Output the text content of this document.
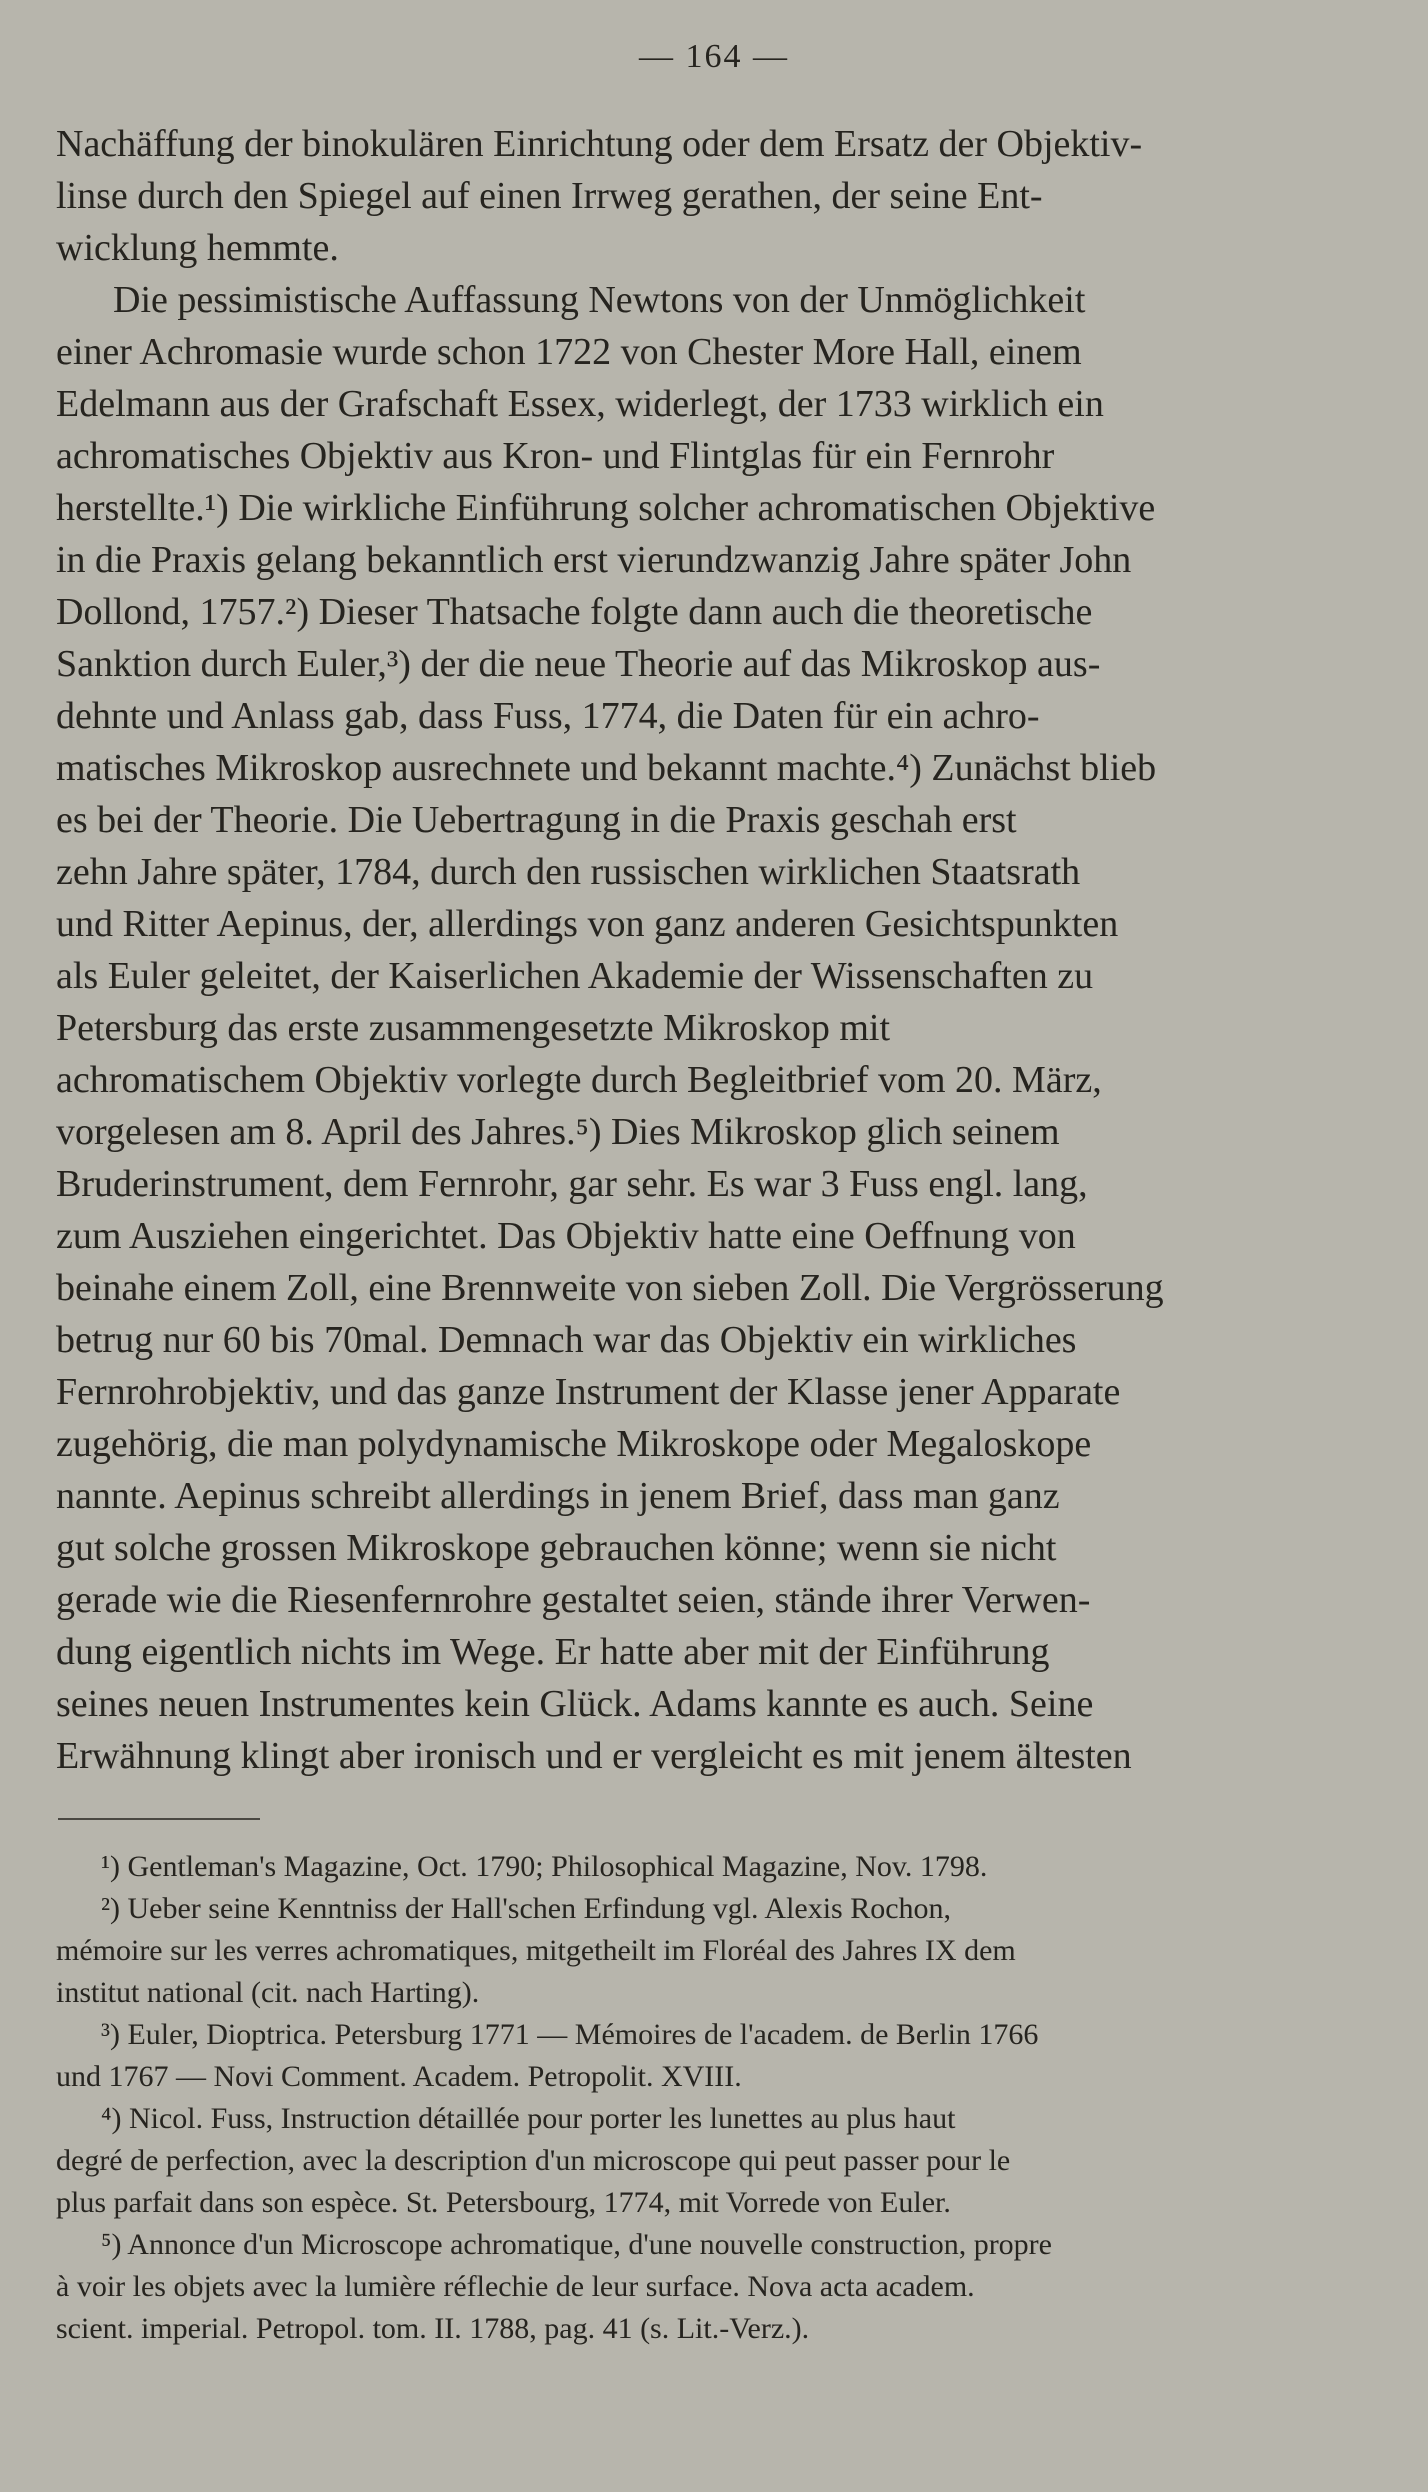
— 164 —
Nachäffung der binokulären Einrichtung oder dem Ersatz der Objektiv-
linse durch den Spiegel auf einen Irrweg gerathen, der seine Ent-
wicklung hemmte.
Die pessimistische Auffassung Newtons von der Unmöglichkeit
einer Achromasie wurde schon 1722 von Chester More Hall, einem
Edelmann aus der Grafschaft Essex, widerlegt, der 1733 wirklich ein
achromatisches Objektiv aus Kron- und Flintglas für ein Fernrohr
herstellte.¹) Die wirkliche Einführung solcher achromatischen Objektive
in die Praxis gelang bekanntlich erst vierundzwanzig Jahre später John
Dollond, 1757.²) Dieser Thatsache folgte dann auch die theoretische
Sanktion durch Euler,³) der die neue Theorie auf das Mikroskop aus-
dehnte und Anlass gab, dass Fuss, 1774, die Daten für ein achro-
matisches Mikroskop ausrechnete und bekannt machte.⁴) Zunächst blieb
es bei der Theorie. Die Uebertragung in die Praxis geschah erst
zehn Jahre später, 1784, durch den russischen wirklichen Staatsrath
und Ritter Aepinus, der, allerdings von ganz anderen Gesichtspunkten
als Euler geleitet, der Kaiserlichen Akademie der Wissenschaften zu
Petersburg das erste zusammengesetzte Mikroskop mit
achromatischem Objektiv vorlegte durch Begleitbrief vom 20. März,
vorgelesen am 8. April des Jahres.⁵) Dies Mikroskop glich seinem
Bruderinstrument, dem Fernrohr, gar sehr. Es war 3 Fuss engl. lang,
zum Ausziehen eingerichtet. Das Objektiv hatte eine Oeffnung von
beinahe einem Zoll, eine Brennweite von sieben Zoll. Die Vergrösserung
betrug nur 60 bis 70mal. Demnach war das Objektiv ein wirkliches
Fernrohrobjektiv, und das ganze Instrument der Klasse jener Apparate
zugehörig, die man polydynamische Mikroskope oder Megaloskope
nannte. Aepinus schreibt allerdings in jenem Brief, dass man ganz
gut solche grossen Mikroskope gebrauchen könne; wenn sie nicht
gerade wie die Riesenfernrohre gestaltet seien, stände ihrer Verwen-
dung eigentlich nichts im Wege. Er hatte aber mit der Einführung
seines neuen Instrumentes kein Glück. Adams kannte es auch. Seine
Erwähnung klingt aber ironisch und er vergleicht es mit jenem ältesten
¹) Gentleman's Magazine, Oct. 1790; Philosophical Magazine, Nov. 1798.
²) Ueber seine Kenntniss der Hall'schen Erfindung vgl. Alexis Rochon,
mémoire sur les verres achromatiques, mitgetheilt im Floréal des Jahres IX dem
institut national (cit. nach Harting).
³) Euler, Dioptrica. Petersburg 1771 — Mémoires de l'academ. de Berlin 1766
und 1767 — Novi Comment. Academ. Petropolit. XVIII.
⁴) Nicol. Fuss, Instruction détaillée pour porter les lunettes au plus haut
degré de perfection, avec la description d'un microscope qui peut passer pour le
plus parfait dans son espèce. St. Petersbourg, 1774, mit Vorrede von Euler.
⁵) Annonce d'un Microscope achromatique, d'une nouvelle construction, propre
à voir les objets avec la lumière réflechie de leur surface. Nova acta academ.
scient. imperial. Petropol. tom. II. 1788, pag. 41 (s. Lit.-Verz.).
